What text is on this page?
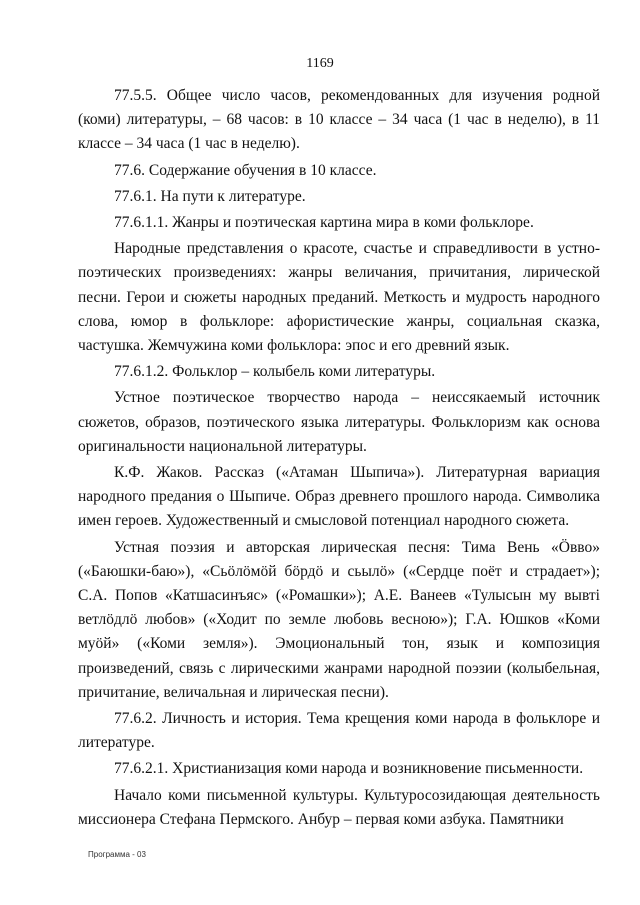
1169

77.5.5. Общее число часов, рекомендованных для изучения родной (коми) литературы, – 68 часов: в 10 классе – 34 часа (1 час в неделю), в 11 классе – 34 часа (1 час в неделю).

77.6. Содержание обучения в 10 классе.

77.6.1. На пути к литературе.

77.6.1.1. Жанры и поэтическая картина мира в коми фольклоре.

Народные представления о красоте, счастье и справедливости в устно-поэтических произведениях: жанры величания, причитания, лирической песни. Герои и сюжеты народных преданий. Меткость и мудрость народного слова, юмор в фольклоре: афористические жанры, социальная сказка, частушка. Жемчужина коми фольклора: эпос и его древний язык.

77.6.1.2. Фольклор – колыбель коми литературы.

Устное поэтическое творчество народа – неиссякаемый источник сюжетов, образов, поэтического языка литературы. Фольклоризм как основа оригинальности национальной литературы.

К.Ф. Жаков. Рассказ («Атаман Шыпича»). Литературная вариация народного предания о Шыпиче. Образ древнего прошлого народа. Символика имен героев. Художественный и смысловой потенциал народного сюжета.

Устная поэзия и авторская лирическая песня: Тима Вень «Ӧвво» («Баюшки-баю»), «Сьӧлӧмӧй бӧрдӧ и сьылӧ» («Сердце поёт и страдает»); С.А. Попов «Катшасинъяс» («Ромашки»); А.Е. Ванеев «Тулысын му вывті ветлӧдлӧ любов» («Ходит по земле любовь весною»); Г.А. Юшков «Коми муӧй» («Коми земля»). Эмоциональный тон, язык и композиция произведений, связь с лирическими жанрами народной поэзии (колыбельная, причитание, величальная и лирическая песни).

77.6.2. Личность и история. Тема крещения коми народа в фольклоре и литературе.

77.6.2.1. Христианизация коми народа и возникновение письменности.

Начало коми письменной культуры. Культуросозидающая деятельность миссионера Стефана Пермского. Анбур – первая коми азбука. Памятники

Программа - 03
